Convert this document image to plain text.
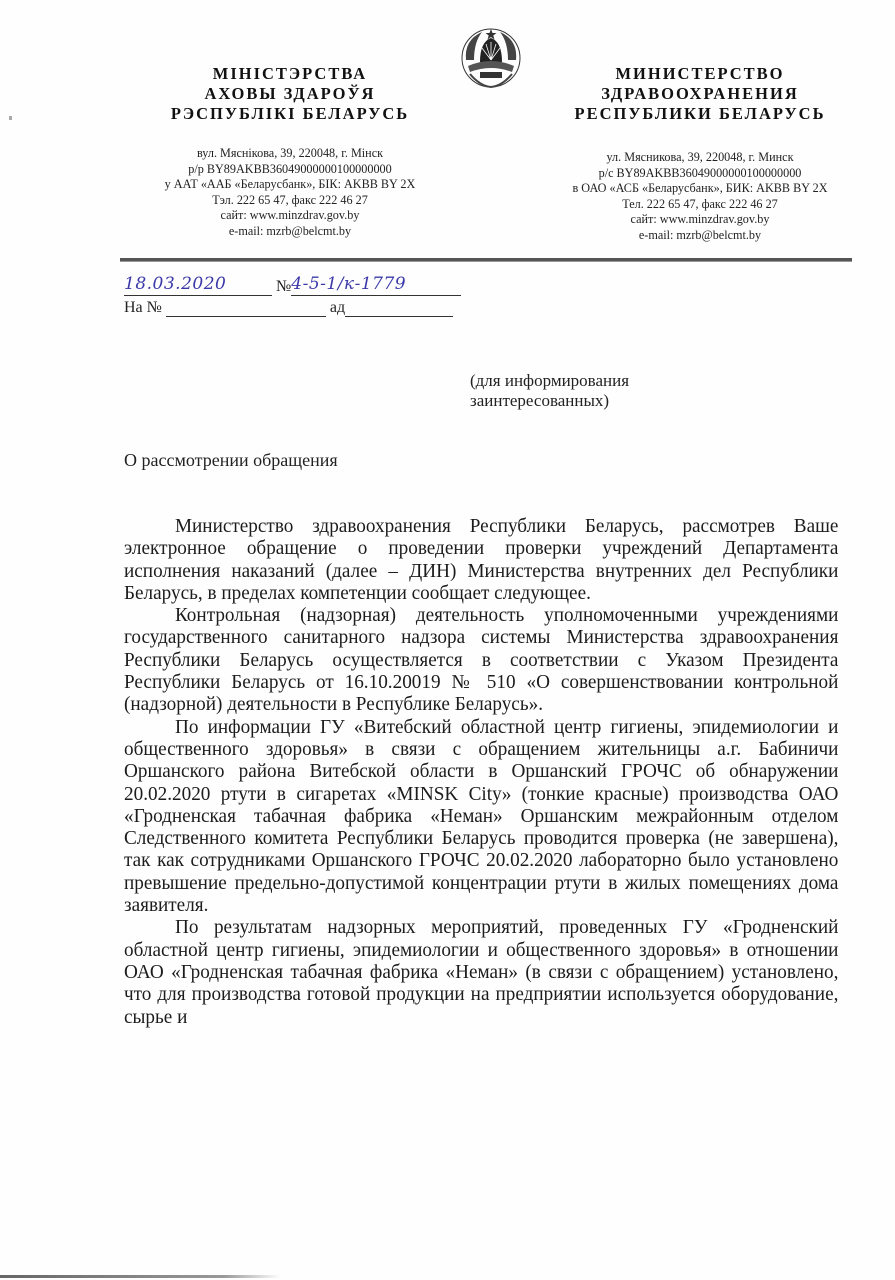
МІНІСТЭРСТВА
АХОВЫ ЗДАРОЎЯ
РЭСПУБЛІКІ БЕЛАРУСЬ
вул. Мяснікова, 39, 220048, г. Мінск
р/р BY89AKBB36049000000100000000
у ААТ «ААБ «Беларусбанк», БІК: AKBB BY 2X
Тэл. 222 65 47, факс 222 46 27
сайт: www.minzdrav.gov.by
e-mail: mzrb@belcmt.by
МИНИСТЕРСТВО
ЗДРАВООХРАНЕНИЯ
РЕСПУБЛИКИ БЕЛАРУСЬ
ул. Мясникова, 39, 220048, г. Минск
р/с BY89AKBB36049000000100000000
в ОАО «АСБ «Беларусбанк», БИК: AKBB BY 2X
Тел. 222 65 47, факс 222 46 27
сайт: www.minzdrav.gov.by
e-mail: mzrb@belcmt.by
18.03.2020	№ 4-5-1/к-1779
На №	ад
(для информирования
заинтересованных)
О рассмотрении обращения

Министерство здравоохранения Республики Беларусь, рассмотрев Ваше электронное обращение о проведении проверки учреждений Департамента исполнения наказаний (далее – ДИН) Министерства внутренних дел Республики Беларусь, в пределах компетенции сообщает следующее.

Контрольная (надзорная) деятельность уполномоченными учреждениями государственного санитарного надзора системы Министерства здравоохранения Республики Беларусь осуществляется в соответствии с Указом Президента Республики Беларусь от 16.10.20019 № 510 «О совершенствовании контрольной (надзорной) деятельности в Республике Беларусь».

По информации ГУ «Витебский областной центр гигиены, эпидемиологии и общественного здоровья» в связи с обращением жительницы а.г. Бабиничи Оршанского района Витебской области в Оршанский ГРОЧС об обнаружении 20.02.2020 ртути в сигаретах «MINSK City» (тонкие красные) производства ОАО «Гродненская табачная фабрика «Неман» Оршанским межрайонным отделом Следственного комитета Республики Беларусь проводится проверка (не завершена), так как сотрудниками Оршанского ГРОЧС 20.02.2020 лабораторно было установлено превышение предельно-допустимой концентрации ртути в жилых помещениях дома заявителя.

По результатам надзорных мероприятий, проведенных ГУ «Гродненский областной центр гигиены, эпидемиологии и общественного здоровья» в отношении ОАО «Гродненская табачная фабрика «Неман» (в связи с обращением) установлено, что для производства готовой продукции на предприятии используется оборудование, сырье и
